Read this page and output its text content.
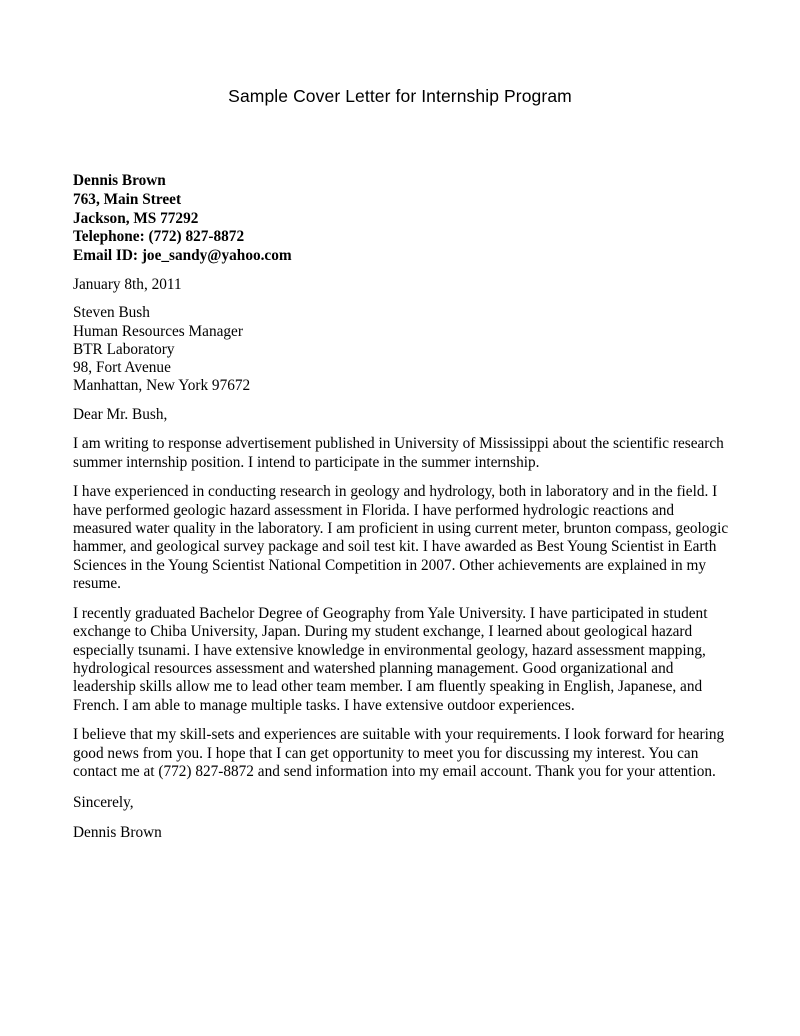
Sample Cover Letter for Internship Program
Dennis Brown
763, Main Street
Jackson, MS 77292
Telephone: (772) 827-8872
Email ID: joe_sandy@yahoo.com
January 8th, 2011
Steven Bush
Human Resources Manager
BTR Laboratory
98, Fort Avenue
Manhattan, New York 97672
Dear Mr. Bush,
I am writing to response advertisement published in University of Mississippi about the scientific research summer internship position. I intend to participate in the summer internship.
I have experienced in conducting research in geology and hydrology, both in laboratory and in the field. I have performed geologic hazard assessment in Florida. I have performed hydrologic reactions and measured water quality in the laboratory. I am proficient in using current meter, brunton compass, geologic hammer, and geological survey package and soil test kit. I have awarded as Best Young Scientist in Earth Sciences in the Young Scientist National Competition in 2007. Other achievements are explained in my resume.
I recently graduated Bachelor Degree of Geography from Yale University. I have participated in student exchange to Chiba University, Japan. During my student exchange, I learned about geological hazard especially tsunami. I have extensive knowledge in environmental geology, hazard assessment mapping, hydrological resources assessment and watershed planning management. Good organizational and leadership skills allow me to lead other team member. I am fluently speaking in English, Japanese, and French. I am able to manage multiple tasks. I have extensive outdoor experiences.
I believe that my skill-sets and experiences are suitable with your requirements. I look forward for hearing good news from you. I hope that I can get opportunity to meet you for discussing my interest. You can contact me at (772) 827-8872 and send information into my email account. Thank you for your attention.
Sincerely,
Dennis Brown
